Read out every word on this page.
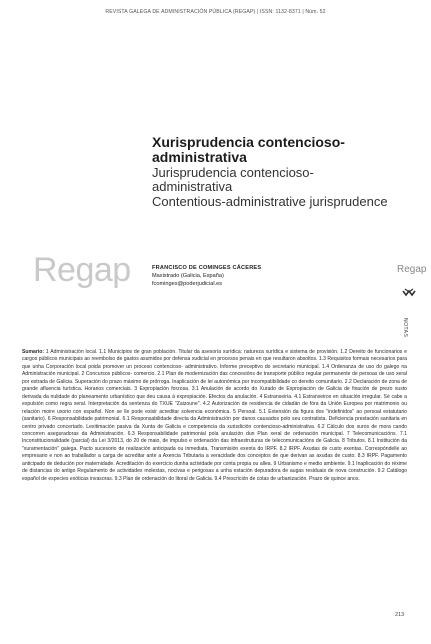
REVISTA GALEGA DE ADMINISTRACIÓN PÚBLICA (REGAP) | ISSN: 1132-8371 | Núm. 52
Xurisprudencia contencioso-administrativa
Jurisprudencia contencioso-administrativa
Contentious-administrative jurisprudence
Regap	FRANCISCO DE COMINGES CÁCERES
Maxistrado (Galicia, España)
fcominges@poderjudicial.es
Regap
NOTAS
Sumario: 1 Administración local. 1.1 Municipios de gran población. Titular da asesoría xurídica: natureza xurídica e sistema de provisión. 1.2 Dereito de funcionarios e cargos públicos municipais ao reembolso de gastos asumidos por defensa xudicial en procesos penais en que resultaron absoltos. 1.3 Requisitos formais necesarios para que unha Corporación local poida promover un proceso contencioso- administrativo. Informe preceptivo do secretario municipal. 1.4 Ordenanza de uso do galego na Administración municipal. 2 Concursos públicos- comercio. 2.1 Plan de modernización das concesións de transporte público regular permanente de persoas de uso xeral por estrada de Galicia. Superación do prazo máximo de prórroga. Inaplicación de lei autonómica por incompatibilidade co dereito comunitario. 2.2 Declaración de zona de grande afluencia turística. Horarios comerciais. 3 Expropiación forzosa. 3.1 Anulación de acordo do Xurado de Expropiación de Galicia de fixación de prezo xusto derivada da nulidade do planeamento urbanístico que deu causa á expropiación. Efectos da anulación. 4 Estranxeiría. 4.1 Estranxeiros en situación irregular. Sé cabe a expulsión como regra xeral. Interpretación da sentenza do TXUE "Zaizoune". 4.2 Autorización de residencia de cidadán de fóra da Unión Europea por matrimonio ou relación moire uxorio con español. Non se lle pode exixir acreditar solvencia económica. 5 Persoal. 5.1 Extensión da figura dos "indefinidos" ao persoal estatutario (sanitario). 6 Responsabilidade patrimonial. 6.1 Responsabilidade directa da Administración por danos causados polo seu contratista. Deficiencia prestación sanitaria en centro privado concertado. Lexitimación pasiva da Xunta de Galicia e competencia da xurisdición contencioso-administrativa. 6.2 Cálculo dos xuros de mora cando concorren aseguradoras da Administración. 6.3 Responsabilidade patrimonial pola anulación dun Plan xeral de ordenación municipal. 7 Telecomunicacións. 7.1 Inconstitucionalidade (parcial) da Lei 3/2013, do 20 de maio, de impulso e ordenación das infraestruturas de telecomunicacións de Galicia. 8 Tributos. 8.1 Institución da "xuramentación" galega. Pacto sucesorio de realización anticipada ou inmediata. Transmisión exenta do IRPF. 8.2 IRPF. Axudas de custo exentas. Correspóndelle ao empresario e non ao traballador a carga de acreditar ante a Axencia Tributaria a veracidade dos conceptos de que derivan as axudas de custo. 8.3 IRPF. Pagamento anticipado de dedución por maternidade. Acreditación do exercicio dunha actividade por conta propia ou allea. 9 Urbanismo e medio ambiente. 9.1 Inaplicación do réxime de distancias do antigo Regulamento de actividades molestas, nocivas e perigosas a unha estación depuradora de augas residuais de nova construción. 9.2 Catálogo español de especies exóticas invasoras. 9.3 Plan de ordenación do litoral de Galicia. 9.4 Prescrición de cotas de urbanización. Prazo de quince anos.
213
